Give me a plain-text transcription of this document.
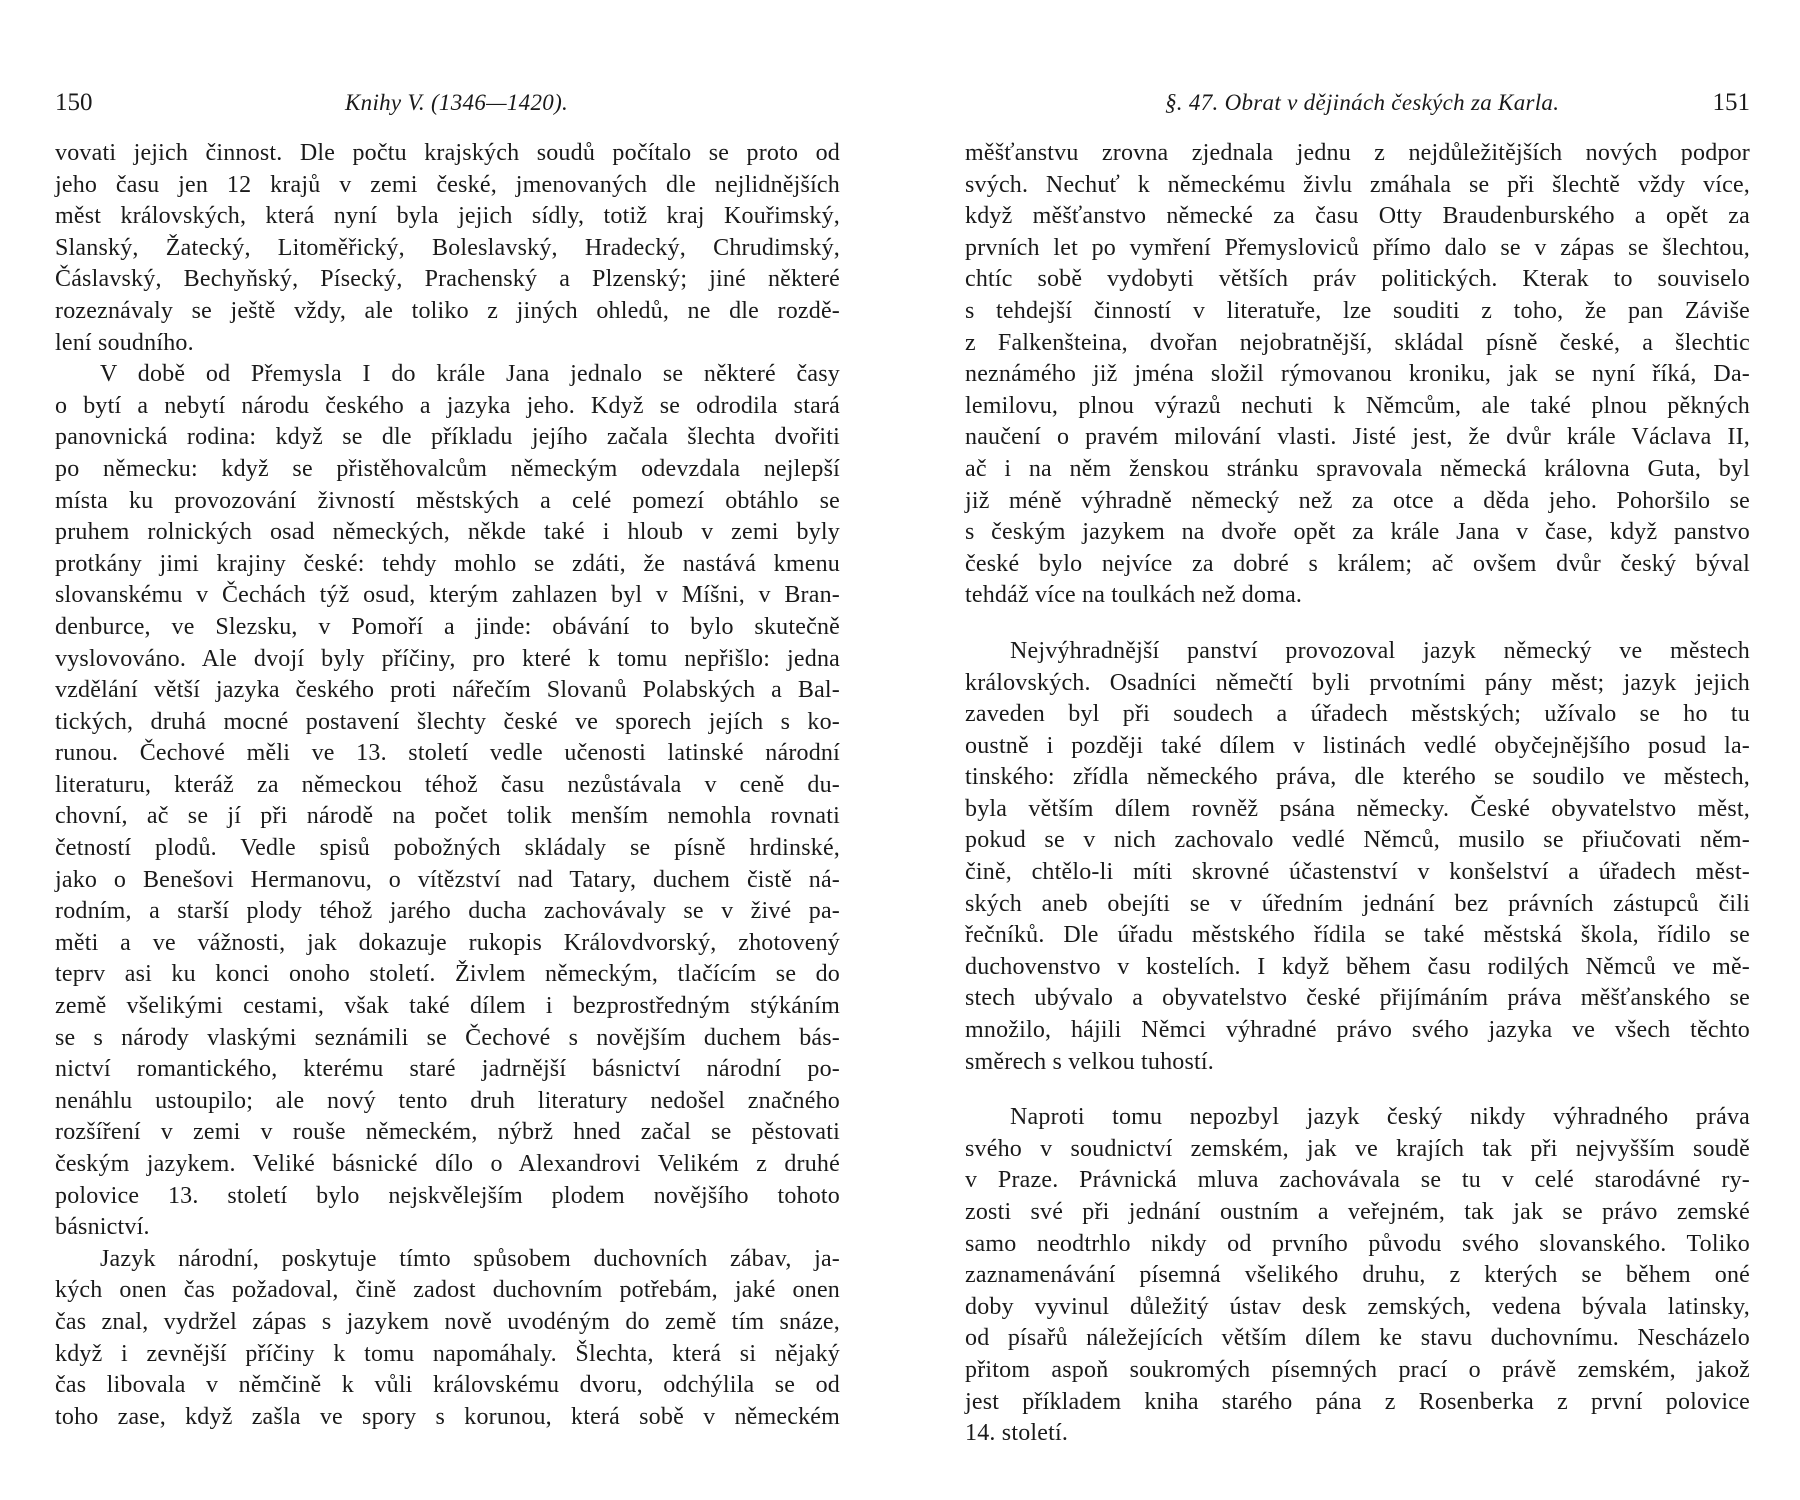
150	Knihy V. (1346—1420).
vovati jejich činnost. Dle počtu krajských soudů počítalo se proto od
jeho času jen 12 krajů v zemi české, jmenovaných dle nejlidnějších
měst královských, která nyní byla jejich sídly, totiž kraj Kouřimský,
Slanský, Žatecký, Litoměřický, Boleslavský, Hradecký, Chrudimský,
Čáslavský, Bechyňský, Písecký, Prachenský a Plzenský; jiné některé
rozeznávaly se ještě vždy, ale toliko z jiných ohledů, ne dle rozdě-
lení soudního.
V době od Přemysla I do krále Jana jednalo se některé časy
o bytí a nebytí národu českého a jazyka jeho. Když se odrodila stará
panovnická rodina: když se dle příkladu jejího začala šlechta dvořiti
po německu: když se přistěhovalcům německým odevzdala nejlepší
místa ku provozování živností městských a celé pomezí obtáhlo se
pruhem rolnických osad německých, někde také i hloub v zemi byly
protkány jimi krajiny české: tehdy mohlo se zdáti, že nastává kmenu
slovanskému v Čechách týž osud, kterým zahlazen byl v Míšni, v Bran-
denburce, ve Slezsku, v Pomoří a jinde: obávání to bylo skutečně
vyslovováno. Ale dvojí byly příčiny, pro které k tomu nepřišlo: jedna
vzdělání větší jazyka českého proti nářečím Slovanů Polabských a Bal-
tických, druhá mocné postavení šlechty české ve sporech jejích s ko-
runou. Čechové měli ve 13. století vedle učenosti latinské národní
literaturu, kteráž za německou téhož času nezůstávala v ceně du-
chovní, ač se jí při národě na počet tolik menším nemohla rovnati
četností plodů. Vedle spisů pobožných skládaly se písně hrdinské,
jako o Benešovi Hermanovu, o vítězství nad Tatary, duchem čistě ná-
rodním, a starší plody téhož jarého ducha zachovávaly se v živé pa-
měti a ve vážnosti, jak dokazuje rukopis Královdvorský, zhotovený
teprv asi ku konci onoho století. Živlem německým, tlačícím se do
země všelikými cestami, však také dílem i bezprostředným stýkáním
se s národy vlaskými seznámili se Čechové s novějším duchem bás-
nictví romantického, kterému staré jadrnější básnictví národní po-
nenáhlu ustoupilo; ale nový tento druh literatury nedošel značného
rozšíření v zemi v rouše německém, nýbrž hned začal se pěstovati
českým jazykem. Veliké básnické dílo o Alexandrovi Velikém z druhé
polovice 13. století bylo nejskvělejším plodem novějšího tohoto
básnictví.
Jazyk národní, poskytuje tímto spůsobem duchovních zábav, ja-
kých onen čas požadoval, čině zadost duchovním potřebám, jaké onen
čas znal, vydržel zápas s jazykem nově uvodéným do země tím snáze,
když i zevnější příčiny k tomu napomáhaly. Šlechta, která si nějaký
čas libovala v němčině k vůli královskému dvoru, odchýlila se od
toho zase, když zašla ve spory s korunou, která sobě v německém
§. 47. Obrat v dějinách českých za Karla.	151
měšťanstvu zrovna zjednala jednu z nejdůležitějších nových podpor
svých. Nechuť k německému živlu zmáhala se při šlechtě vždy více,
když měšťanstvo německé za času Otty Braudenburského a opět za
prvních let po vymření Přemysloviců přímo dalo se v zápas se šlechtou,
chtíc sobě vydobyti větších práv politických. Kterak to souviselo
s tehdejší činností v literatuře, lze souditi z toho, že pan Záviše
z Falkenšteina, dvořan nejobratnější, skládal písně české, a šlechtic
neznámého již jména složil rýmovanou kroniku, jak se nyní říká, Da-
lemilovu, plnou výrazů nechuti k Němcům, ale také plnou pěkných
naučení o pravém milování vlasti. Jisté jest, že dvůr krále Václava II,
ač i na něm ženskou stránku spravovala německá královna Guta, byl
již méně výhradně německý než za otce a děda jeho. Pohoršilo se
s českým jazykem na dvoře opět za krále Jana v čase, když panstvo
české bylo nejvíce za dobré s králem; ač ovšem dvůr český býval
tehdáž více na toulkách než doma.
Nejvýhradnější panství provozoval jazyk německý ve městech
královských. Osadníci němečtí byli prvotními pány měst; jazyk jejich
zaveden byl při soudech a úřadech městských; užívalo se ho tu
oustně i později také dílem v listinách vedlé obyčejnějšího posud la-
tinského: zřídla německého práva, dle kterého se soudilo ve městech,
byla větším dílem rovněž psána německy. České obyvatelstvo měst,
pokud se v nich zachovalo vedlé Němců, musilo se přiučovati něm-
čině, chtělo-li míti skrovné účastenství v konšelství a úřadech měst-
ských aneb obejíti se v úředním jednání bez právních zástupců čili
řečníků. Dle úřadu městského řídila se také městská škola, řídilo se
duchovenstvo v kostelích. I když během času rodilých Němců ve mě-
stech ubývalo a obyvatelstvo české přijímáním práva měšťanského se
množilo, hájili Němci výhradné právo svého jazyka ve všech těchto
směrech s velkou tuhostí.
Naproti tomu nepozbyl jazyk český nikdy výhradného práva
svého v soudnictví zemském, jak ve krajích tak při nejvyšším soudě
v Praze. Právnická mluva zachovávala se tu v celé starodávné ry-
zosti své při jednání oustním a veřejném, tak jak se právo zemské
samo neodtrhlo nikdy od prvního původu svého slovanského. Toliko
zaznamenávání písemná všelikého druhu, z kterých se během oné
doby vyvinul důležitý ústav desk zemských, vedena bývala latinsky,
od písařů náležejících větším dílem ke stavu duchovnímu. Nescházelo
přitom aspoň soukromých písemných prací o právě zemském, jakož
jest příkladem kniha starého pána z Rosenberka z první polovice
14. století.
